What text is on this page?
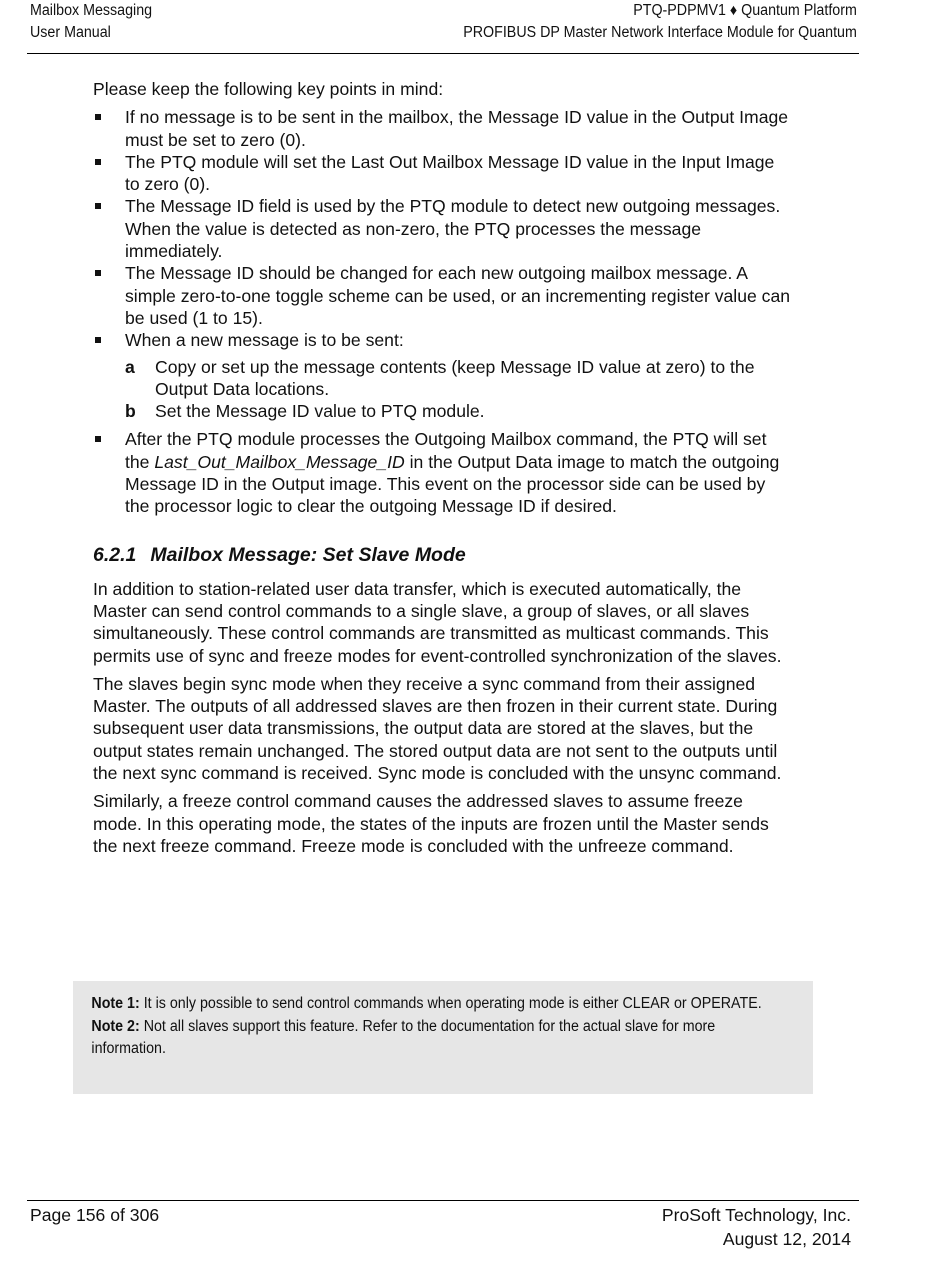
Mailbox Messaging
User Manual
PTQ-PDPMV1 ♦ Quantum Platform
PROFIBUS DP Master Network Interface Module for Quantum

Please keep the following key points in mind:

If no message is to be sent in the mailbox, the Message ID value in the Output Image must be set to zero (0).
The PTQ module will set the Last Out Mailbox Message ID value in the Input Image to zero (0).
The Message ID field is used by the PTQ module to detect new outgoing messages. When the value is detected as non-zero, the PTQ processes the message immediately.
The Message ID should be changed for each new outgoing mailbox message. A simple zero-to-one toggle scheme can be used, or an incrementing register value can be used (1 to 15).
When a new message is to be sent:
a Copy or set up the message contents (keep Message ID value at zero) to the Output Data locations.
b Set the Message ID value to PTQ module.
After the PTQ module processes the Outgoing Mailbox command, the PTQ will set the Last_Out_Mailbox_Message_ID in the Output Data image to match the outgoing Message ID in the Output image. This event on the processor side can be used by the processor logic to clear the outgoing Message ID if desired.
6.2.1 Mailbox Message: Set Slave Mode

In addition to station-related user data transfer, which is executed automatically, the Master can send control commands to a single slave, a group of slaves, or all slaves simultaneously. These control commands are transmitted as multicast commands. This permits use of sync and freeze modes for event-controlled synchronization of the slaves.

The slaves begin sync mode when they receive a sync command from their assigned Master. The outputs of all addressed slaves are then frozen in their current state. During subsequent user data transmissions, the output data are stored at the slaves, but the output states remain unchanged. The stored output data are not sent to the outputs until the next sync command is received. Sync mode is concluded with the unsync command.

Similarly, a freeze control command causes the addressed slaves to assume freeze mode. In this operating mode, the states of the inputs are frozen until the Master sends the next freeze command. Freeze mode is concluded with the unfreeze command.

Note 1: It is only possible to send control commands when operating mode is either CLEAR or OPERATE.
Note 2: Not all slaves support this feature. Refer to the documentation for the actual slave for more information.
Page 156 of 306	ProSoft Technology, Inc.
August 12, 2014
